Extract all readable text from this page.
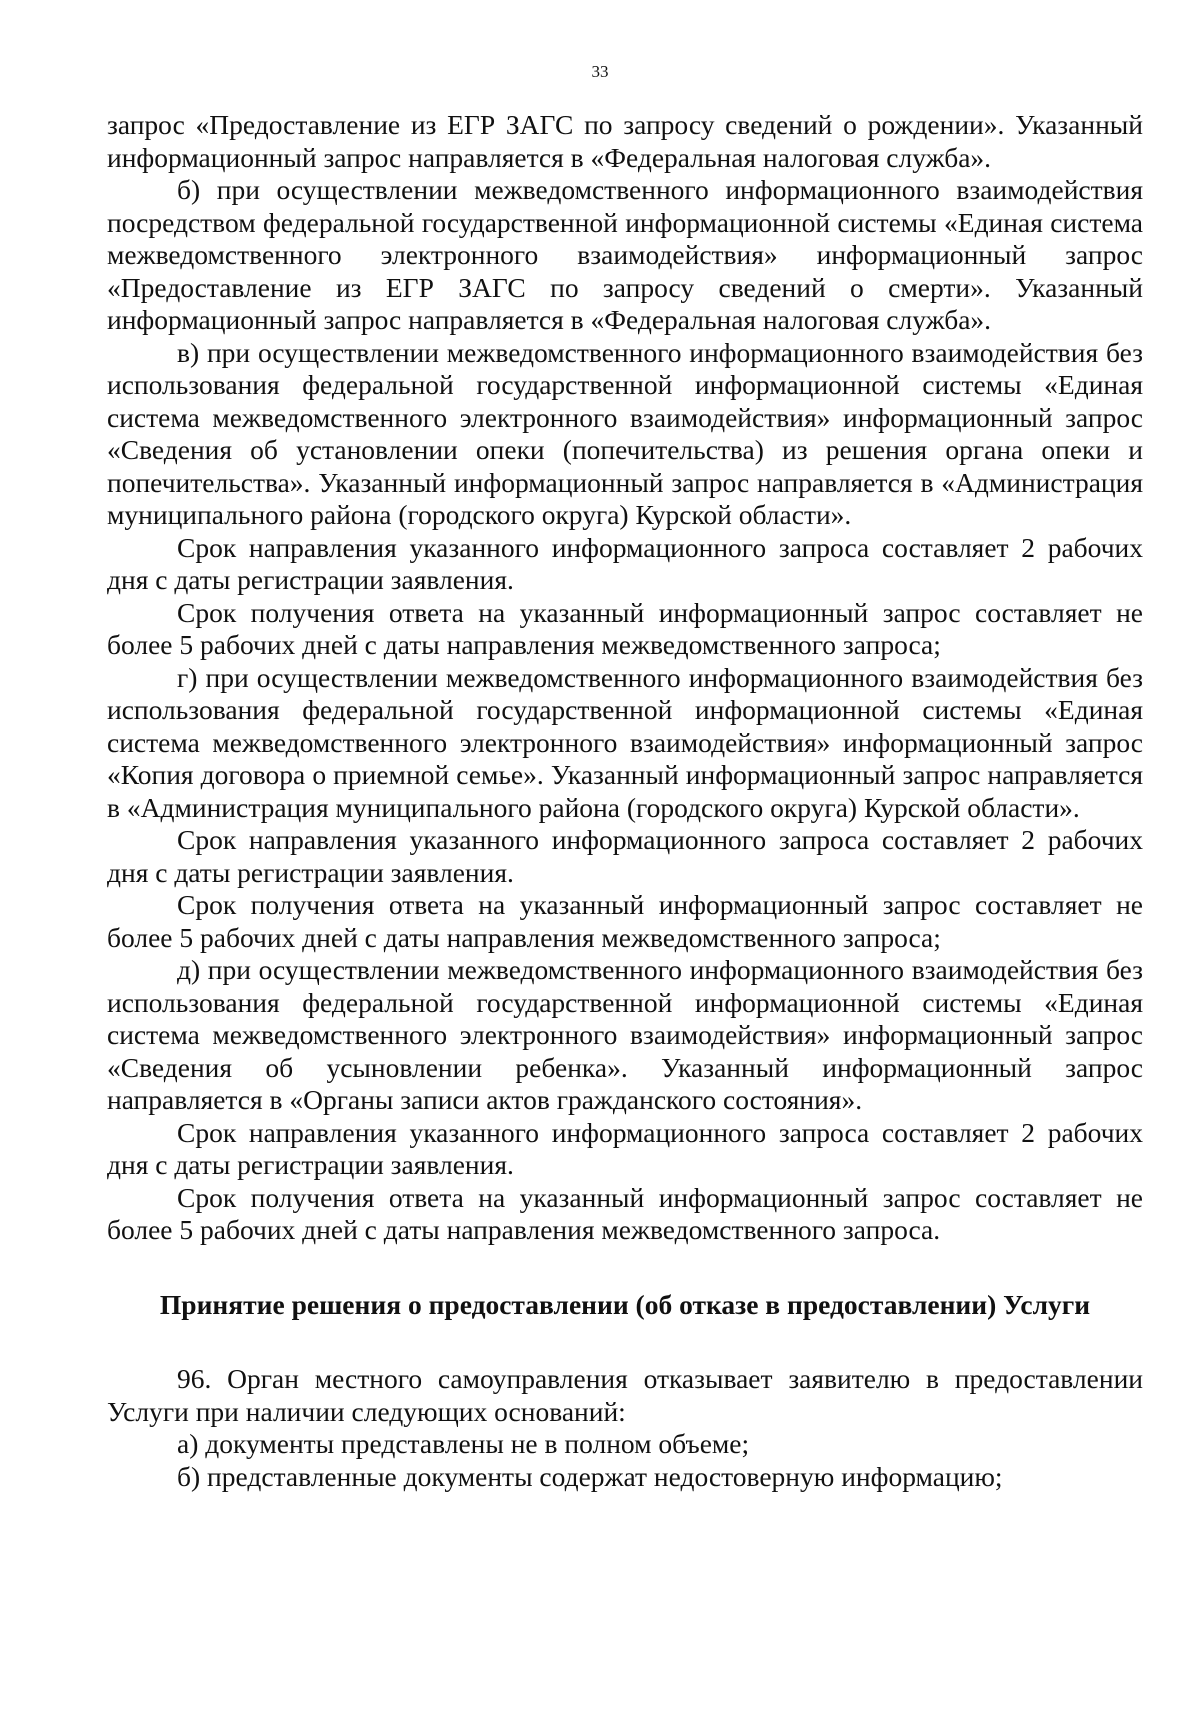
33

запрос «Предоставление из ЕГР ЗАГС по запросу сведений о рождении». Указанный информационный запрос направляется в «Федеральная налоговая служба».

б) при осуществлении межведомственного информационного взаимодействия посредством федеральной государственной информационной системы «Единая система межведомственного электронного взаимодействия» информационный запрос «Предоставление из ЕГР ЗАГС по запросу сведений о смерти». Указанный информационный запрос направляется в «Федеральная налоговая служба».

в) при осуществлении межведомственного информационного взаимодействия без использования федеральной государственной информационной системы «Единая система межведомственного электронного взаимодействия» информационный запрос «Сведения об установлении опеки (попечительства) из решения органа опеки и попечительства». Указанный информационный запрос направляется в «Администрация муниципального района (городского округа) Курской области».

Срок направления указанного информационного запроса составляет 2 рабочих дня с даты регистрации заявления.

Срок получения ответа на указанный информационный запрос составляет не более 5 рабочих дней с даты направления межведомственного запроса;

г) при осуществлении межведомственного информационного взаимодействия без использования федеральной государственной информационной системы «Единая система межведомственного электронного взаимодействия» информационный запрос «Копия договора о приемной семье». Указанный информационный запрос направляется в «Администрация муниципального района (городского округа) Курской области».

Срок направления указанного информационного запроса составляет 2 рабочих дня с даты регистрации заявления.

Срок получения ответа на указанный информационный запрос составляет не более 5 рабочих дней с даты направления межведомственного запроса;

д) при осуществлении межведомственного информационного взаимодействия без использования федеральной государственной информационной системы «Единая система межведомственного электронного взаимодействия» информационный запрос «Сведения об усыновлении ребенка». Указанный информационный запрос направляется в «Органы записи актов гражданского состояния».

Срок направления указанного информационного запроса составляет 2 рабочих дня с даты регистрации заявления.

Срок получения ответа на указанный информационный запрос составляет не более 5 рабочих дней с даты направления межведомственного запроса.

Принятие решения о предоставлении (об отказе в предоставлении) Услуги

96. Орган местного самоуправления отказывает заявителю в предоставлении Услуги при наличии следующих оснований:

а) документы представлены не в полном объеме;

б) представленные документы содержат недостоверную информацию;
